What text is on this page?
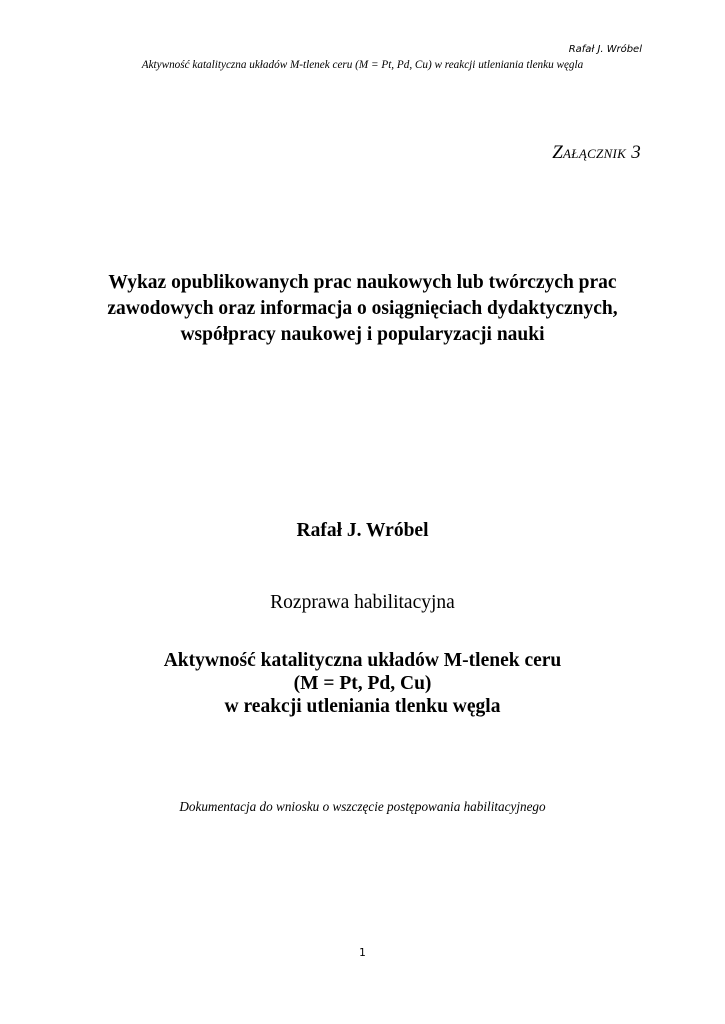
Rafał J. Wróbel
Aktywność katalityczna układów M-tlenek ceru (M = Pt, Pd, Cu) w reakcji utleniania tlenku węgla
Załącznik 3
Wykaz opublikowanych prac naukowych lub twórczych prac
zawodowych oraz informacja o osiągnięciach dydaktycznych,
współpracy naukowej i popularyzacji nauki
Rafał J. Wróbel
Rozprawa habilitacyjna
Aktywność katalityczna układów M-tlenek ceru
(M = Pt, Pd, Cu)
w reakcji utleniania tlenku węgla
Dokumentacja do wniosku o wszczęcie postępowania habilitacyjnego
1
